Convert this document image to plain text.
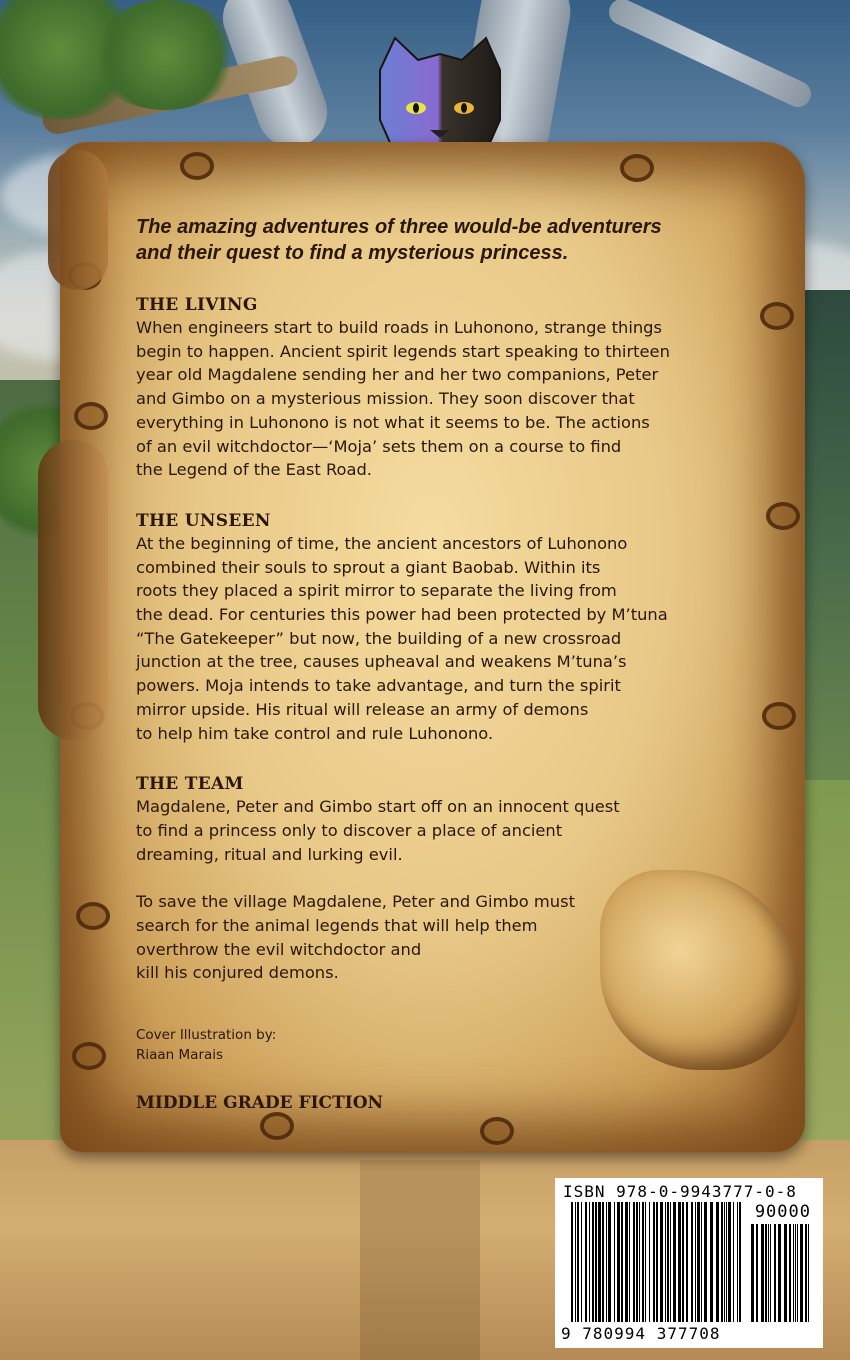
The amazing adventures of three would-be adventurers
and their quest to find a mysterious princess.

THE LIVING

When engineers start to build roads in Luhonono, strange things
begin to happen. Ancient spirit legends start speaking to thirteen
year old Magdalene sending her and her two companions, Peter
and Gimbo on a mysterious mission. They soon discover that
everything in Luhonono is not what it seems to be. The actions
of an evil witchdoctor—‘Moja’ sets them on a course to find
the Legend of the East Road.

THE UNSEEN

At the beginning of time, the ancient ancestors of Luhonono
combined their souls to sprout a giant Baobab. Within its
roots they placed a spirit mirror to separate the living from
the dead. For centuries this power had been protected by M’tuna
“The Gatekeeper” but now, the building of a new crossroad
junction at the tree, causes upheaval and weakens M’tuna’s
powers. Moja intends to take advantage, and turn the spirit
mirror upside. His ritual will release an army of demons
to help him take control and rule Luhonono.

THE TEAM

Magdalene, Peter and Gimbo start off on an innocent quest
to find a princess only to discover a place of ancient
dreaming, ritual and lurking evil.

To save the village Magdalene, Peter and Gimbo must
search for the animal legends that will help them
overthrow the evil witchdoctor and
kill his conjured demons.

Cover Illustration by:
Riaan Marais

MIDDLE GRADE FICTION

ISBN 978-0-9943777-0-8
90000
9 780994 377708
